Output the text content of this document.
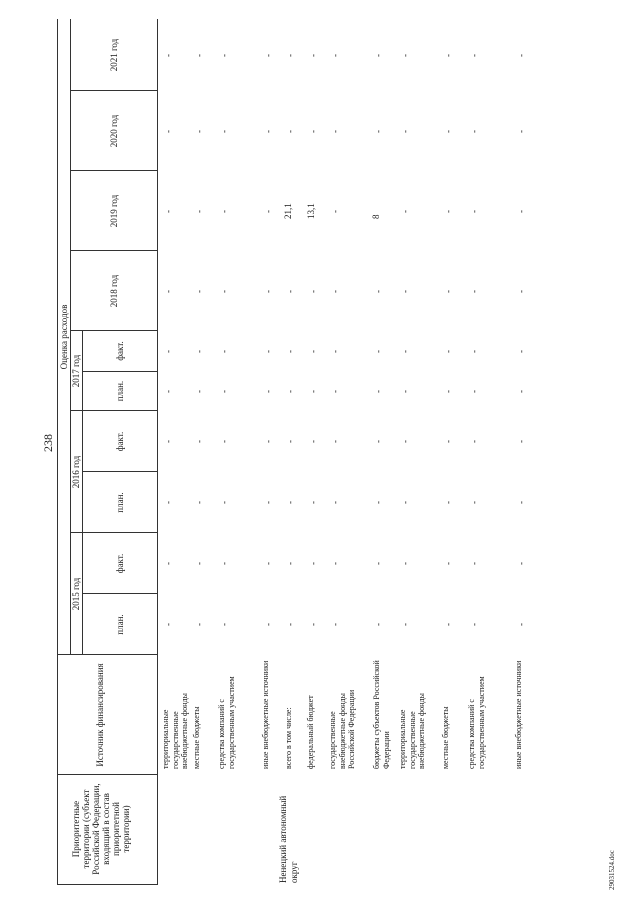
238
29031524.doc
Приоритетные территории (субъект Российской Федерации, входящий в состав приоритетной территории)
Источник финансирования
Оценка расходов
2015 год
2016 год
2017 год
план.
факт.
план.
факт.
план.
факт.
2018 год
2019 год
2020 год
2021 год
Ненецкий автономный округ
территориальные государственные внебюджетные фонды
-
-
-
-
-
-
-
-
-
-
местные бюджеты
-
-
-
-
-
-
-
-
-
-
средства компаний с государственным участием
-
-
-
-
-
-
-
-
-
-
иные внебюджетные источники
-
-
-
-
-
-
-
-
-
-
всего в том числе:
-
-
-
-
-
-
-
21,1
-
-
федеральный бюджет
-
-
-
-
-
-
-
13,1
-
-
государственные внебюджетные фонды Российской Федерации
-
-
-
-
-
-
-
-
-
-
бюджеты субъектов Российской Федерации
-
-
-
-
-
-
-
8
-
-
территориальные государственные внебюджетные фонды
-
-
-
-
-
-
-
-
-
-
местные бюджеты
-
-
-
-
-
-
-
-
-
-
средства компаний с государственным участием
-
-
-
-
-
-
-
-
-
-
иные внебюджетные источники
-
-
-
-
-
-
-
-
-
-
